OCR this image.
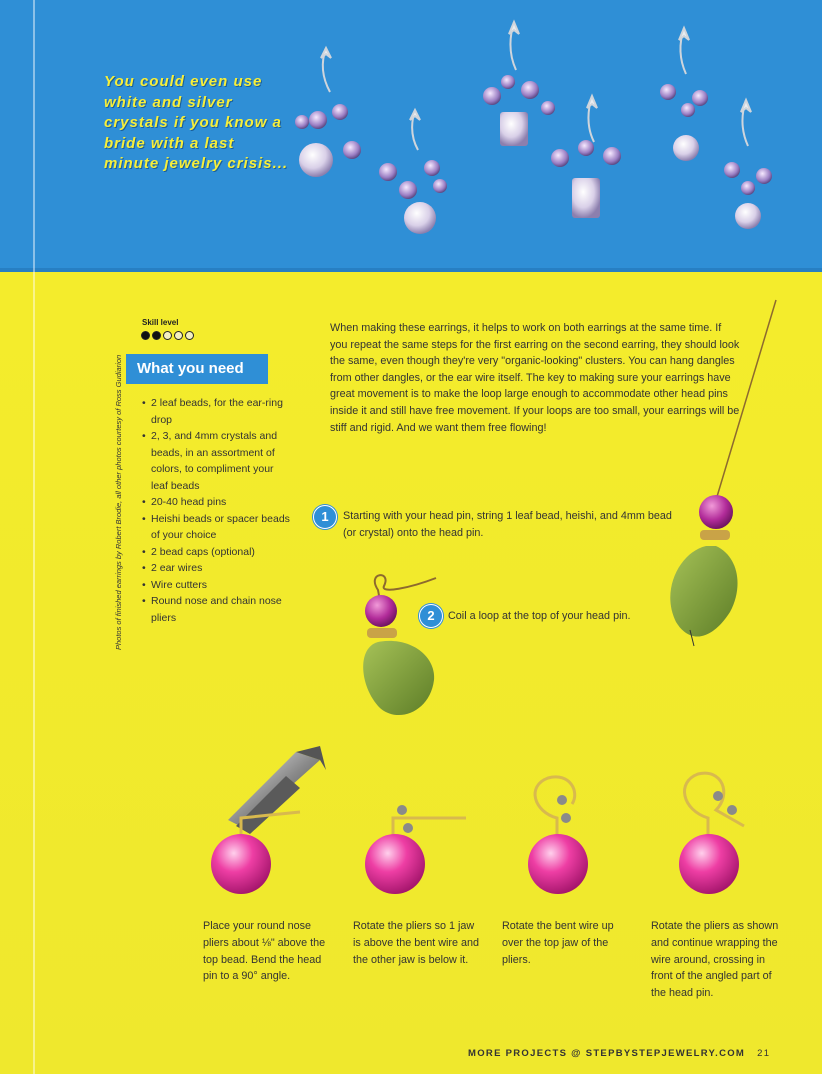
You could even use white and silver crystals if you know a bride with a last minute jewelry crisis...
Photos of finished earrings by Robert Brodie, all other photos courtesy of Ross Gudiarion
Skill level
What you need
• 2 leaf beads, for the ear-ring drop
• 2, 3, and 4mm crystals and beads, in an assortment of colors, to compliment your leaf beads
• 20-40 head pins
• Heishi beads or spacer beads of your choice
• 2 bead caps (optional)
• 2 ear wires
• Wire cutters
• Round nose and chain nose pliers

When making these earrings, it helps to work on both earrings at the same time. If you repeat the same steps for the first earring on the second earring, they should look the same, even though they're very "organic-looking" clusters. You can hang dangles from other dangles, or the ear wire itself. The key to making sure your earrings have great movement is to make the loop large enough to accommodate other head pins inside it and still have free movement. If your loops are too small, your earrings will be stiff and rigid. And we want them free flowing!

1	Starting with your head pin, string 1 leaf bead, heishi, and 4mm bead (or crystal) onto the head pin.
2	Coil a loop at the top of your head pin.
Place your round nose pliers about ⅛" above the top bead. Bend the head pin to a 90° angle.
Rotate the pliers so 1 jaw is above the bent wire and the other jaw is below it.
Rotate the bent wire up over the top jaw of the pliers.
Rotate the pliers as shown and continue wrapping the wire around, crossing in front of the angled part of the head pin.
MORE PROJECTS @ STEPBYSTEPJEWELRY.COM 21
